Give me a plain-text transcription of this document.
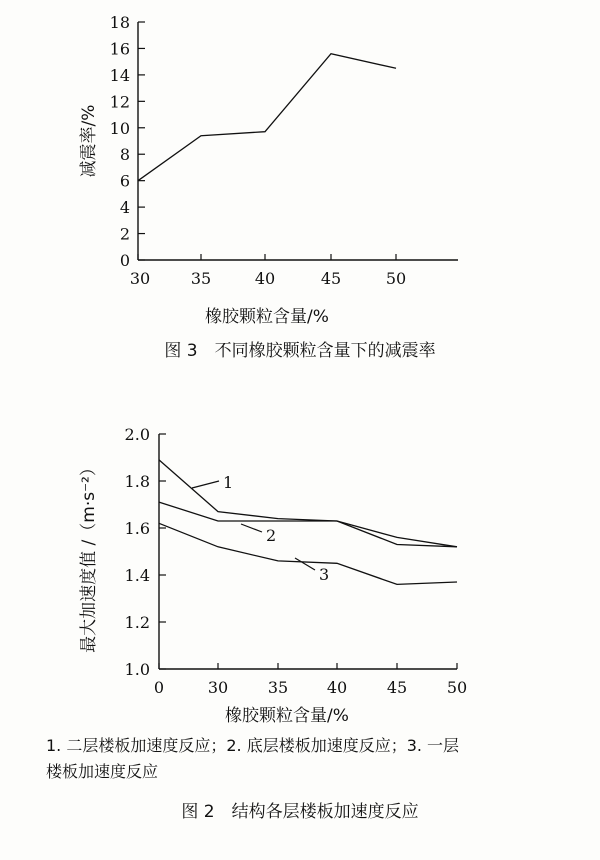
0
2
4
6
8
10
12
14
16
18
30	35	40	45	50
橡胶颗粒含量/%
减震率/%
1.0
1.2
1.4
1.6
1.8
2.0
0	30 35 40 45 50
1
2
3
橡胶颗粒含量/%
最大加速度值 /（m·s⁻²）
图 3　不同橡胶颗粒含量下的减震率
1. 二层楼板加速度反应；2. 底层楼板加速度反应；3. 一层
楼板加速度反应
图 2　结构各层楼板加速度反应
